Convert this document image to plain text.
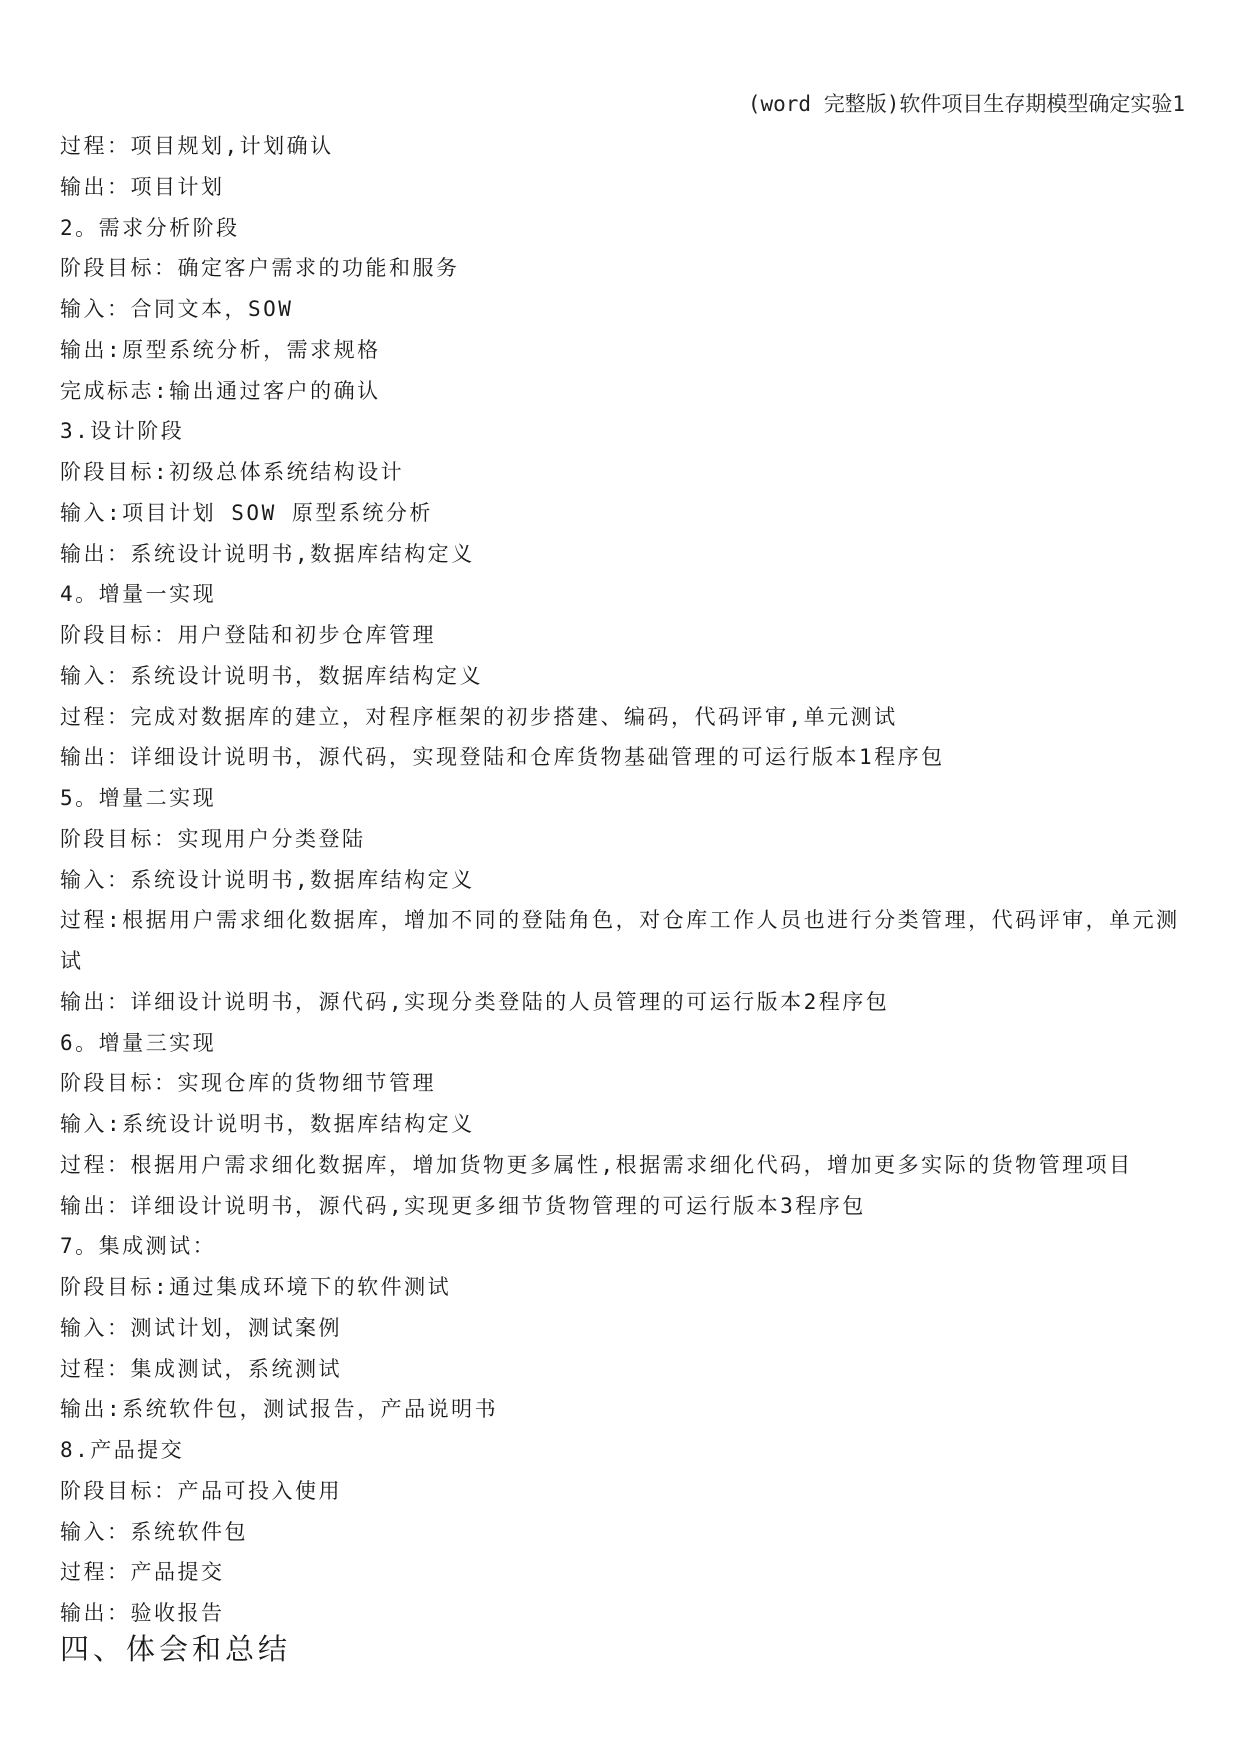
(word 完整版)软件项目生存期模型确定实验1
过程：项目规划,计划确认
输出：项目计划
2。需求分析阶段
阶段目标：确定客户需求的功能和服务
输入：合同文本，SOW
输出:原型系统分析，需求规格
完成标志:输出通过客户的确认
3.设计阶段
阶段目标:初级总体系统结构设计
输入:项目计划 SOW 原型系统分析
输出：系统设计说明书,数据库结构定义
4。增量一实现
阶段目标：用户登陆和初步仓库管理
输入：系统设计说明书，数据库结构定义
过程：完成对数据库的建立，对程序框架的初步搭建、编码，代码评审,单元测试
输出：详细设计说明书，源代码，实现登陆和仓库货物基础管理的可运行版本1程序包
5。增量二实现
阶段目标：实现用户分类登陆
输入：系统设计说明书,数据库结构定义
过程:根据用户需求细化数据库，增加不同的登陆角色，对仓库工作人员也进行分类管理，代码评审，单元测试
输出：详细设计说明书，源代码,实现分类登陆的人员管理的可运行版本2程序包
6。增量三实现
阶段目标：实现仓库的货物细节管理
输入:系统设计说明书，数据库结构定义
过程：根据用户需求细化数据库，增加货物更多属性,根据需求细化代码，增加更多实际的货物管理项目
输出：详细设计说明书，源代码,实现更多细节货物管理的可运行版本3程序包
7。集成测试：
阶段目标:通过集成环境下的软件测试
输入：测试计划，测试案例
过程：集成测试，系统测试
输出:系统软件包，测试报告，产品说明书
8.产品提交
阶段目标：产品可投入使用
输入：系统软件包
过程：产品提交
输出：验收报告
四、体会和总结
